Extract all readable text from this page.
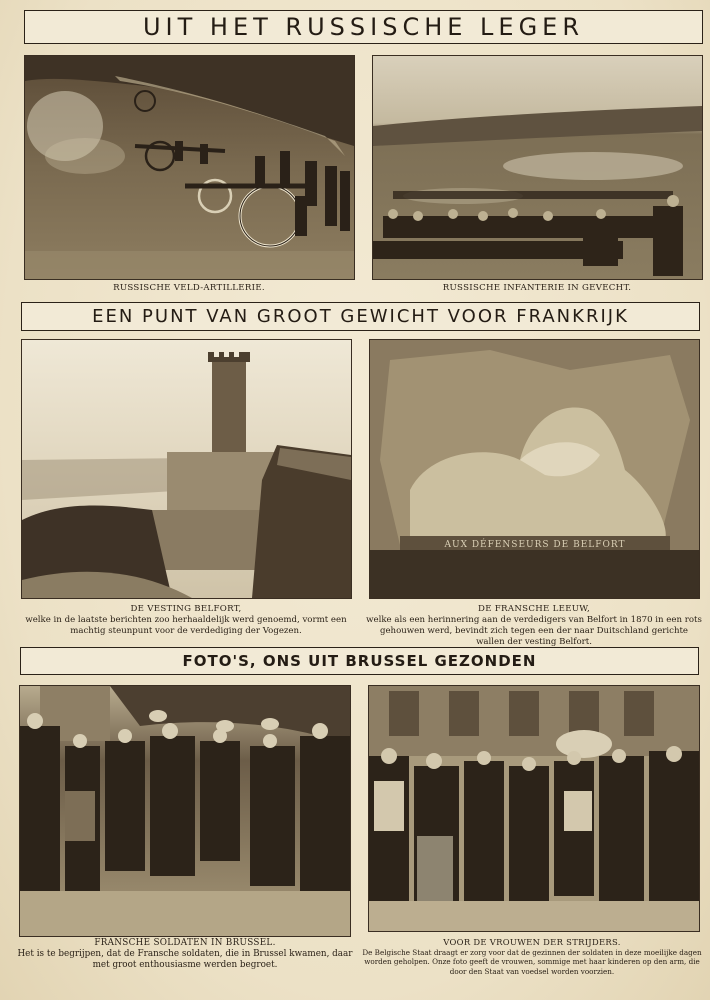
UIT HET RUSSISCHE LEGER
RUSSISCHE VELD-ARTILLERIE.	RUSSISCHE INFANTERIE IN GEVECHT.
EEN PUNT VAN GROOT GEWICHT VOOR FRANKRIJK
DE VESTING BELFORT,
welke in de laatste berichten zoo herhaaldelijk werd genoemd, vormt een machtig steunpunt voor de verdediging der Vogezen.
AUX DÉFENSEURS DE BELFORT
DE FRANSCHE LEEUW,
welke als een herinnering aan de verdedigers van Belfort in 1870 in een rots gehouwen werd, bevindt zich tegen een der naar Duitschland gerichte wallen der vesting Belfort.
FOTO'S, ONS UIT BRUSSEL GEZONDEN
FRANSCHE SOLDATEN IN BRUSSEL.
Het is te begrijpen, dat de Fransche soldaten, die in Brussel kwamen, daar met groot enthousiasme werden begroet.
VOOR DE VROUWEN DER STRIJDERS.
De Belgische Staat draagt er zorg voor dat de gezinnen der soldaten in deze moeilijke dagen worden geholpen. Onze foto geeft de vrouwen, sommige met haar kinderen op den arm, die door den Staat van voedsel worden voorzien.
